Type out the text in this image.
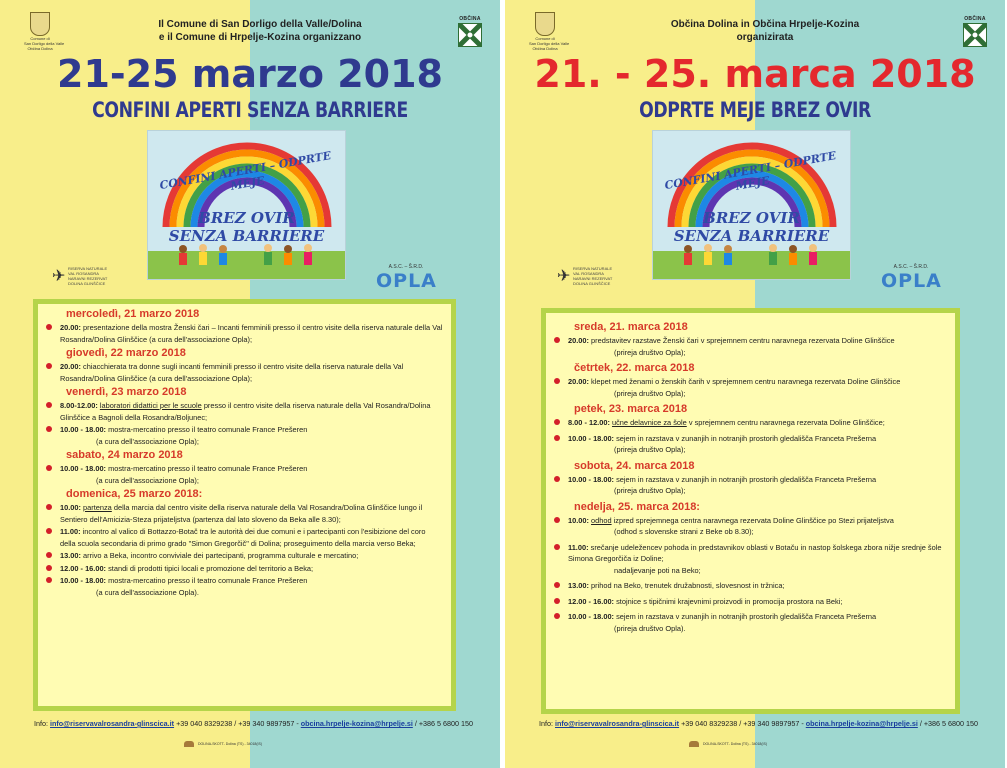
Comune di
San Dorligo della Valle
Občina Dolina
OBČINA
Il Comune di San Dorligo della Valle/Dolina
e il Comune di Hrpelje-Kozina organizzano
21-25 marzo 2018
CONFINI APERTI SENZA BARRIERE
CONFINI APERTI – ODPRTE MEJE
BREZ OVIR
SENZA BARRIERE
✈ RISERVA NATURALE
VAL ROSANDRA
NARAVNI REZERVAT
DOLINA GLINŠČICE
A.S.C. – Š.R.D.
OPLA
mercoledì, 21 marzo 2018
20.00: presentazione della mostra Ženski čari – Incanti femminili presso il centro visite della riserva naturale della Val Rosandra/Dolina Glinščice (a cura dell'associazione Opla);
giovedì, 22 marzo 2018
20.00: chiacchierata tra donne sugli incanti femminili presso il centro visite della riserva naturale della Val Rosandra/Dolina Glinščice (a cura dell'associazione Opla);
venerdì, 23 marzo 2018
8.00-12.00: laboratori didattici per le scuole presso il centro visite della riserva naturale della Val Rosandra/Dolina Glinščice a Bagnoli della Rosandra/Boljunec;
10.00 - 18.00: mostra-mercatino presso il teatro comunale France Prešeren
(a cura dell'associazione Opla);
sabato, 24 marzo 2018
10.00 - 18.00: mostra-mercatino presso il teatro comunale France Prešeren
(a cura dell'associazione Opla);
domenica, 25 marzo 2018:
10.00: partenza della marcia dal centro visite della riserva naturale della Val Rosandra/Dolina Glinščice lungo il Sentiero dell'Amicizia-Steza prijateljstva (partenza dal lato sloveno da Beka alle 8.30);
11.00: incontro al valico di Bottazzo-Botač tra le autorità dei due comuni e i partecipanti con l'esibizione del coro della scuola secondaria di primo grado "Simon Gregorčič" di Dolina; proseguimento della marcia verso Beka;
13.00: arrivo a Beka, incontro conviviale dei partecipanti, programma culturale e mercatino;
12.00 - 16.00: standi di prodotti tipici locali e promozione del territorio a Beka;
10.00 - 18.00: mostra-mercatino presso il teatro comunale France Prešeren
(a cura dell'associazione Opla).
Info: info@riservavalrosandra-glinscica.it +39 040 8329238 / +39 340 9897957 - obcina.hrpelje-kozina@hrpelje.si / +386 5 6800 150
DOLINA-SKOTT- Dolina (TS) - 34018(IS)
Comune di
San Dorligo della Valle
Občina Dolina
OBČINA
Občina Dolina in Občina Hrpelje-Kozina
organizirata
21. - 25. marca 2018
ODPRTE MEJE BREZ OVIR
CONFINI APERTI – ODPRTE MEJE
BREZ OVIR
SENZA BARRIERE
✈ RISERVA NATURALE
VAL ROSANDRA
NARAVNI REZERVAT
DOLINA GLINŠČICE
A.S.C. – Š.R.D.
OPLA
sreda, 21. marca 2018
20.00: predstavitev razstave Ženski čari v sprejemnem centru naravnega rezervata Doline Glinščice
(prireja društvo Opla);
četrtek, 22. marca 2018
20.00: klepet med ženami o ženskih čarih v sprejemnem centru naravnega rezervata Doline Glinščice
(prireja društvo Opla);
petek, 23. marca 2018
8.00 - 12.00: učne delavnice za šole v sprejemnem centru naravnega rezervata Doline Glinščice;
10.00 - 18.00: sejem in razstava v zunanjih in notranjih prostorih gledališča Franceta Prešerna
(prireja društvo Opla);
sobota, 24. marca 2018
10.00 - 18.00: sejem in razstava v zunanjih in notranjih prostorih gledališča Franceta Prešerna
(prireja društvo Opla);
nedelja, 25. marca 2018:
10.00: odhod izpred sprejemnega centra naravnega rezervata Doline Glinščice po Stezi prijateljstva
(odhod s slovenske strani z Beke ob 8.30);
11.00: srečanje udeležencev pohoda in predstavnikov oblasti v Botaču in nastop šolskega zbora nižje srednje šole Simona Gregorčiča iz Doline;
nadaljevanje poti na Beko;
13.00: prihod na Beko, trenutek družabnosti, slovesnost in tržnica;
12.00 - 16.00: stojnice s tipičnimi krajevnimi proizvodi in promocija prostora na Beki;
10.00 - 18.00: sejem in razstava v zunanjih in notranjih prostorih gledališča Franceta Prešerna
(prireja društvo Opla).
Info: info@riservavalrosandra-glinscica.it +39 040 8329238 / +39 340 9897957 - obcina.hrpelje-kozina@hrpelje.si / +386 5 6800 150
DOLINA-SKOTT- Dolina (TS) - 34018(IS)
